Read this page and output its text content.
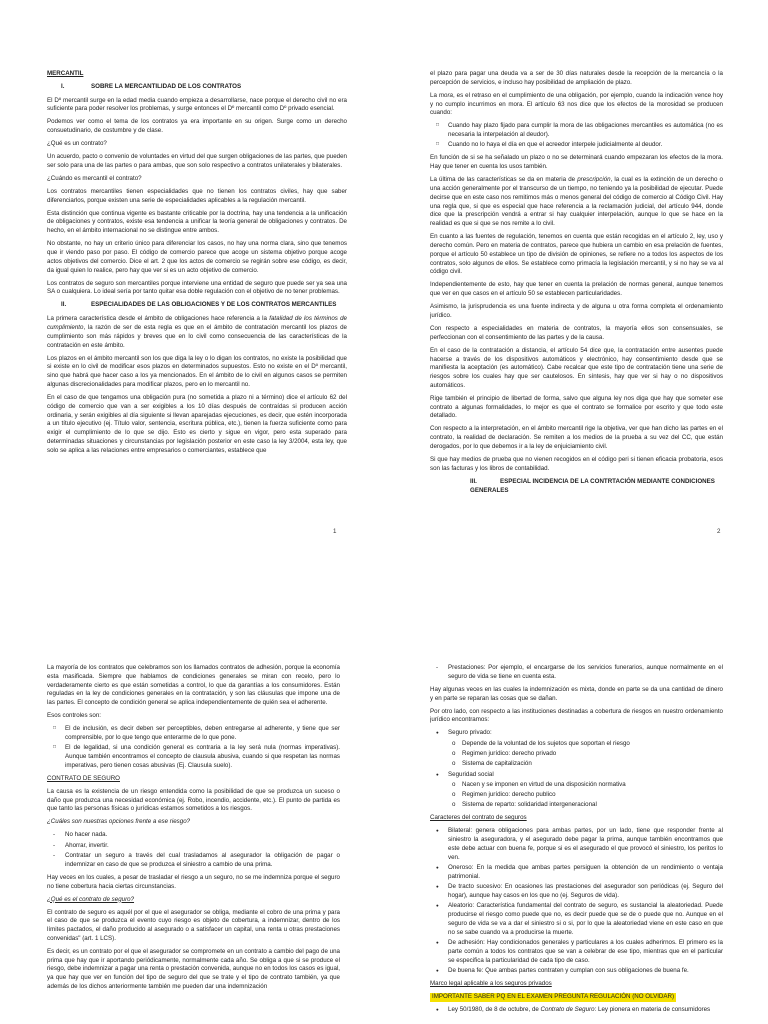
MERCANTIL
I.	SOBRE LA MERCANTILIDAD DE LOS CONTRATOS

El Dº mercantil surge en la edad media cuando empieza a desarrollarse, nace porque el derecho civil no era suficiente para poder resolver los problemas, y surge entonces el Dº mercantil como Dº privado esencial.

Podemos ver como el tema de los contratos ya era importante en su origen. Surge como un derecho consuetudinario, de costumbre y de clase.

¿Qué es un contrato?

Un acuerdo, pacto o convenio de voluntades en virtud del que surgen obligaciones de las partes, que pueden ser solo para una de las partes o para ambas, que son solo respectivo a contratos unilaterales y bilaterales.

¿Cuándo es mercantil el contrato?

Los contratos mercantiles tienen especialidades que no tienen los contratos civiles, hay que saber diferenciarlos, porque existen una serie de especialidades aplicables a la regulación mercantil.

Esta distinción que continua vigente es bastante criticable por la doctrina, hay una tendencia a la unificación de obligaciones y contratos, existe esa tendencia a unificar la teoría general de obligaciones y contratos. De hecho, en el ámbito internacional no se distingue entre ambos.

No obstante, no hay un criterio único para diferenciar los casos, no hay una norma clara, sino que tenemos que ir viendo paso por paso. El código de comercio parece que acoge un sistema objetivo porque acoge actos objetivos del comercio. Dice el art. 2 que los actos de comercio se regirán sobre ese código, es decir, da igual quien lo realice, pero hay que ver si es un acto objetivo de comercio.

Los contratos de seguro son mercantiles porque interviene una entidad de seguro que puede ser ya sea una SA o cualquiera. Lo ideal sería por tanto quitar esa doble regulación con el objetivo de no tener problemas.

II.	ESPECIALIDADES DE LAS OBLIGACIONES Y DE LOS CONTRATOS MERCANTILES

La primera característica desde el ámbito de obligaciones hace referencia a la fatalidad de los términos de cumplimiento, la razón de ser de esta regla es que en el ámbito de contratación mercantil los plazos de cumplimiento son más rápidos y breves que en lo civil como consecuencia de las características de la contratación en este ámbito.

Los plazos en el ámbito mercantil son los que diga la ley o lo digan los contratos, no existe la posibilidad que si existe en lo civil de modificar esos plazos en determinados supuestos. Esto no existe en el Dº mercantil, sino que habrá que hacer caso a los ya mencionados. En el ámbito de lo civil en algunos casos se permiten algunas discrecionalidades para modificar plazos, pero en lo mercantil no.

En el caso de que tengamos una obligación pura (no sometida a plazo ni a término) dice el artículo 62 del código de comercio que van a ser exigibles a los 10 días después de contraídas si producen acción ordinaria, y serán exigibles al día siguiente si llevan aparejadas ejecuciones, es decir, que estén incorporada a un título ejecutivo (ej. Título valor, sentencia, escritura pública, etc.), tienen la fuerza suficiente como para exigir el cumplimiento de lo que se dijo. Esto es cierto y sigue en vigor, pero esta superado para determinadas situaciones y circunstancias por legislación posterior en este caso la ley 3/2004, esta ley, que solo se aplica a las relaciones entre empresarios o comerciantes, establece que

1

el plazo para pagar una deuda va a ser de 30 días naturales desde la recepción de la mercancía o la percepción de servicios, e incluso hay posibilidad de ampliación de plazo.

La mora, es el retraso en el cumplimiento de una obligación, por ejemplo, cuando la indicación vence hoy y no cumplo incurrimos en mora. El artículo 63 nos dice que los efectos de la morosidad se producen cuando:

□ Cuando hay plazo fijado para cumplir la mora de las obligaciones mercantiles es automática (no es necesaria la interpelación al deudor).
□ Cuando no lo haya el día en que el acreedor interpele judicialmente al deudor.

En función de si se ha señalado un plazo o no se determinará cuando empezaran los efectos de la mora. Hay que tener en cuenta los usos también.

La última de las características se da en materia de prescripción, la cual es la extinción de un derecho o una acción generalmente por el transcurso de un tiempo, no teniendo ya la posibilidad de ejecutar. Puede decirse que en este caso nos remitimos más o menos general del código de comercio al Código Civil. Hay una regla que, si que es especial que hace referencia a la reclamación judicial, del artículo 944, donde dice que la prescripción vendrá a entrar si hay cualquier interpelación, aunque lo que se hace en la realidad es que si que se nos remite a lo civil.

En cuanto a las fuentes de regulación, tenemos en cuenta que están recogidas en el artículo 2, ley, uso y derecho común. Pero en materia de contratos, parece que hubiera un cambio en esa prelación de fuentes, porque el artículo 50 establece un tipo de división de opiniones, se refiere no a todos los aspectos de los contratos, solo algunos de ellos. Se establece como primacía la legislación mercantil, y si no hay se va al código civil.

Independientemente de esto, hay que tener en cuenta la prelación de normas general, aunque tenemos que ver en que casos en el artículo 50 se establecen particularidades.

Asimismo, la jurisprudencia es una fuente indirecta y de alguna u otra forma completa el ordenamiento jurídico.

Con respecto a especialidades en materia de contratos, la mayoría ellos son consensuales, se perfeccionan con el consentimiento de las partes y de la causa.

En el caso de la contratación a distancia, el artículo 54 dice que, la contratación entre ausentes puede hacerse a través de los dispositivos automáticos y electrónico, hay consentimiento desde que se manifiesta la aceptación (es automático). Cabe recalcar que este tipo de contratación tiene una serie de riesgos sobre los cuales hay que ser cautelosos. En síntesis, hay que ver si hay o no dispositivos automáticos.

Rige también el principio de libertad de forma, salvo que alguna ley nos diga que hay que someter ese contrato a algunas formalidades, lo mejor es que el contrato se formalice por escrito y que todo este detallado.

Con respecto a la interpretación, en el ámbito mercantil rige la objetiva, ver que han dicho las partes en el contrato, la realidad de declaración. Se remiten a los medios de la prueba a su vez del CC, que están derogados, por lo que debemos ir a la ley de enjuiciamiento civil.

Si que hay medios de prueba que no vienen recogidos en el código peri si tienen eficacia probatoria, esos son las facturas y los libros de contabilidad.

III.	ESPECIAL INCIDENCIA DE LA CONTRTACIÓN MEDIANTE CONDICIONES GENERALES
2

La mayoría de los contratos que celebramos son los llamados contratos de adhesión, porque la economía esta masificada. Siempre que hablamos de condiciones generales se miran con recelo, pero lo verdaderamente cierto es que están sometidas a control, lo que da garantías a los consumidores. Están reguladas en la ley de condiciones generales en la contratación, y son las cláusulas que impone una de las partes. El concepto de condición general se aplica independientemente de quién sea el adherente.

Esos controles son:

□ El de inclusión, es decir deben ser perceptibles, deben entregarse al adherente, y tiene que ser comprensible, por lo que tengo que enterarme de lo que pone.
□ El de legalidad, si una condición general es contraria a la ley será nula (normas imperativas). Aunque también encontramos el concepto de clausula abusiva, cuando si que respetan las normas imperativas, pero tienen cosas abusivas (Ej. Clausula suelo).

CONTRATO DE SEGURO

La causa es la existencia de un riesgo entendida como la posibilidad de que se produzca un suceso o daño que produzca una necesidad económica (ej. Robo, incendio, accidente, etc.). El punto de partida es que tanto las personas físicas o jurídicas estamos sometidos a los riesgos.

¿Cuáles son nuestras opciones frente a ese riesgo?

- No hacer nada.
- Ahorrar, invertir.
- Contratar un seguro a través del cual trasladamos al asegurador la obligación de pagar o indemnizar en caso de que se produzca el siniestro a cambio de una prima.

Hay veces en los cuales, a pesar de trasladar el riesgo a un seguro, no se me indemniza porque el seguro no tiene cobertura hacia ciertas circunstancias.

¿Qué es el contrato de seguro?

El contrato de seguro es aquél por el que el asegurador se obliga, mediante el cobro de una prima y para el caso de que se produzca el evento cuyo riesgo es objeto de cobertura, a indemnizar, dentro de los límites pactados, el daño producido al asegurado o a satisfacer un capital, una renta u otras prestaciones convenidas" (art. 1 LCS).

Es decir, es un contrato por el que el asegurador se compromete en un contrato a cambio del pago de una prima que hay que ir aportando periódicamente, normalmente cada año. Se obliga a que si se produce el riesgo, debe indemnizar a pagar una renta o prestación convenida, aunque no en todos los casos es igual, ya que hay que ver en función del tipo de seguro del que se trate y el tipo de contrato también, ya que además de los dichos anteriormente también me pueden dar una indemnización

- Prestaciones: Por ejemplo, el encargarse de los servicios funerarios, aunque normalmente en el seguro de vida se tiene en cuenta esta.

Hay algunas veces en las cuales la indemnización es mixta, donde en parte se da una cantidad de dinero y en parte se reparan las cosas que se dañan.

Por otro lado, con respecto a las instituciones destinadas a cobertura de riesgos en nuestro ordenamiento jurídico encontramos:

● Seguro privado:
o Depende de la voluntad de los sujetos que soportan el riesgo
o Regimen jurídico: derecho privado
o Sistema de capitalización
● Seguridad social
o Nacen y se imponen en virtud de una disposición normativa
o Regimen jurídico: derecho publico
o Sistema de reparto: solidaridad intergeneracional

Caracteres del contrato de seguros

● Bilateral: genera obligaciones para ambas partes, por un lado, tiene que responder frente al siniestro la aseguradora, y el asegurado debe pagar la prima, aunque también encontramos que este debe actuar con buena fe, porque si es el asegurado el que provocó el siniestro, los peritos lo ven.
● Oneroso: En la medida que ambas partes persiguen la obtención de un rendimiento o ventaja patrimonial.
● De tracto sucesivo: En ocasiones las prestaciones del asegurador son periódicas (ej. Seguro del hogar), aunque hay casos en los que no (ej. Seguros de vida).
● Aleatorio: Característica fundamental del contrato de seguro, es sustancial la aleatoriedad. Puede producirse el riesgo como puede que no, es decir puede que se de o puede que no. Aunque en el seguro de vida se va a dar el siniestro si o si, por lo que la aleatoriedad viene en este caso en que no se sabe cuando va a producirse la muerte.
● De adhesión: Hay condicionados generales y particulares a los cuales adherirnos. El primero es la parte común a todos los contratos que se van a celebrar de ese tipo, mientras que en el particular se especifica la particularidad de cada tipo de caso.
● De buena fe: Que ambas partes contraten y cumplan con sus obligaciones de buena fe.

Marco legal aplicable a los seguros privados

IMPORTANTE SABER PQ EN EL EXAMEN PREGUNTA REGULACIÓN (NO OLVIDAR)

● Ley 50/1980, de 8 de octubre, de Contrato de Seguro: Ley pionera en materia de consumidores
